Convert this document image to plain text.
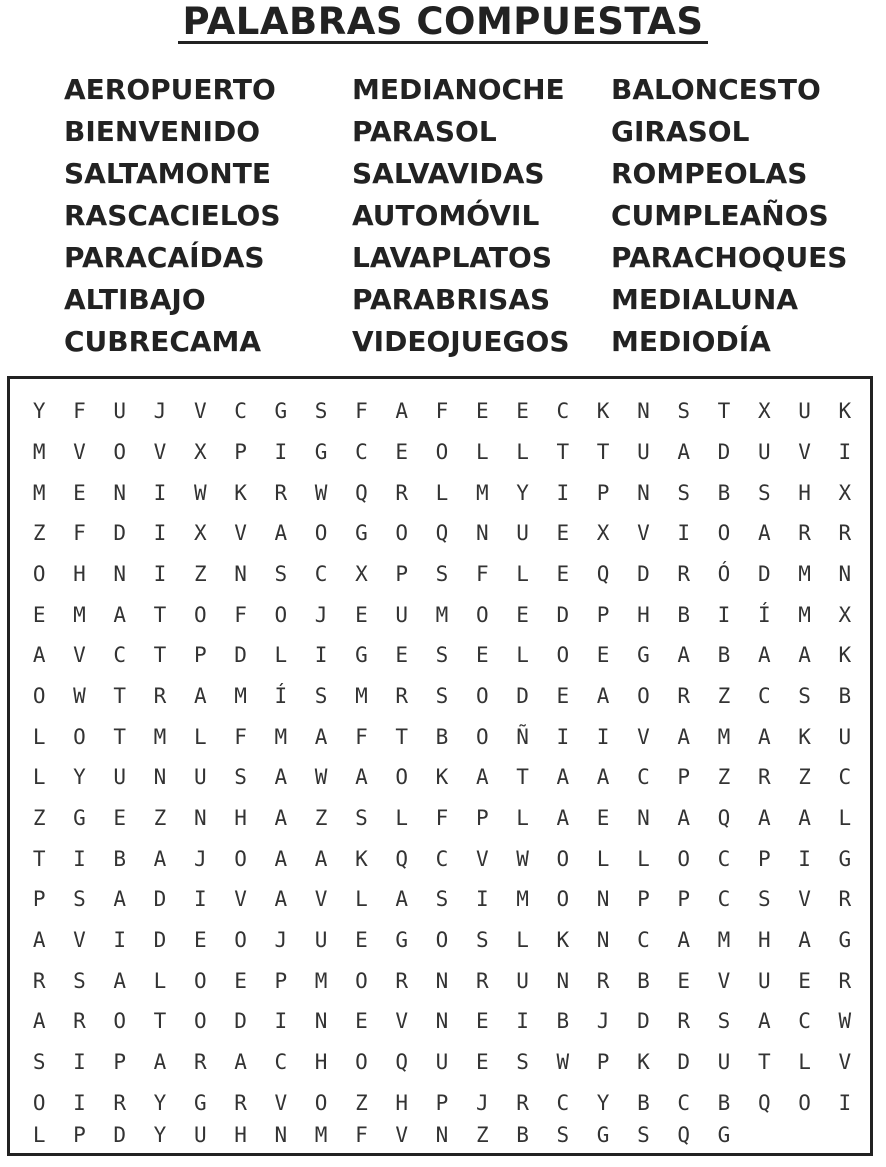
PALABRAS COMPUESTAS
AEROPUERTO
BIENVENIDO
SALTAMONTE
RASCACIELOS
PARACAÍDAS
ALTIBAJO
CUBRECAMA
MEDIANOCHE
PARASOL
SALVAVIDAS
AUTOMÓVIL
LAVAPLATOS
PARABRISAS
VIDEOJUEGOS
BALONCESTO
GIRASOL
ROMPEOLAS
CUMPLEAÑOS
PARACHOQUES
MEDIALUNA
MEDIODÍA
Y	F	U	J	V	C	G	S	F	A	F	E	E	C	K	N	S	T	X	U	K
M	V	O	V	X	P	I	G	C	E	O	L	L	T	T	U	A	D	U	V	I
M	E	N	I	W	K	R	W	Q	R	L	M	Y	I	P	N	S	B	S	H	X
Z	F	D	I	X	V	A	O	G	O	Q	N	U	E	X	V	I	O	A	R	R
O	H	N	I	Z	N	S	C	X	P	S	F	L	E	Q	D	R	Ó	D	M	N
E	M	A	T	O	F	O	J	E	U	M	O	E	D	P	H	B	I	Í	M	X
A	V	C	T	P	D	L	I	G	E	S	E	L	O	E	G	A	B	A	A	K
O	W	T	R	A	M	Í	S	M	R	S	O	D	E	A	O	R	Z	C	S	B
L	O	T	M	L	F	M	A	F	T	B	O	Ñ	I	I	V	A	M	A	K	U
L	Y	U	N	U	S	A	W	A	O	K	A	T	A	A	C	P	Z	R	Z	C
Z	G	E	Z	N	H	A	Z	S	L	F	P	L	A	E	N	A	Q	A	A	L
T	I	B	A	J	O	A	A	K	Q	C	V	W	O	L	L	O	C	P	I	G
P	S	A	D	I	V	A	V	L	A	S	I	M	O	N	P	P	C	S	V	R
A	V	I	D	E	O	J	U	E	G	O	S	L	K	N	C	A	M	H	A	G
R	S	A	L	O	E	P	M	O	R	N	R	U	N	R	B	E	V	U	E	R
A	R	O	T	O	D	I	N	E	V	N	E	I	B	J	D	R	S	A	C	W
S	I	P	A	R	A	C	H	O	Q	U	E	S	W	P	K	D	U	T	L	V
O	I	R	Y	G	R	V	O	Z	H	P	J	R	C	Y	B	C	B	Q	O	I
L	P	D	Y	U	H	N	M	F	V	N	Z	B	S	G	S	Q	G
